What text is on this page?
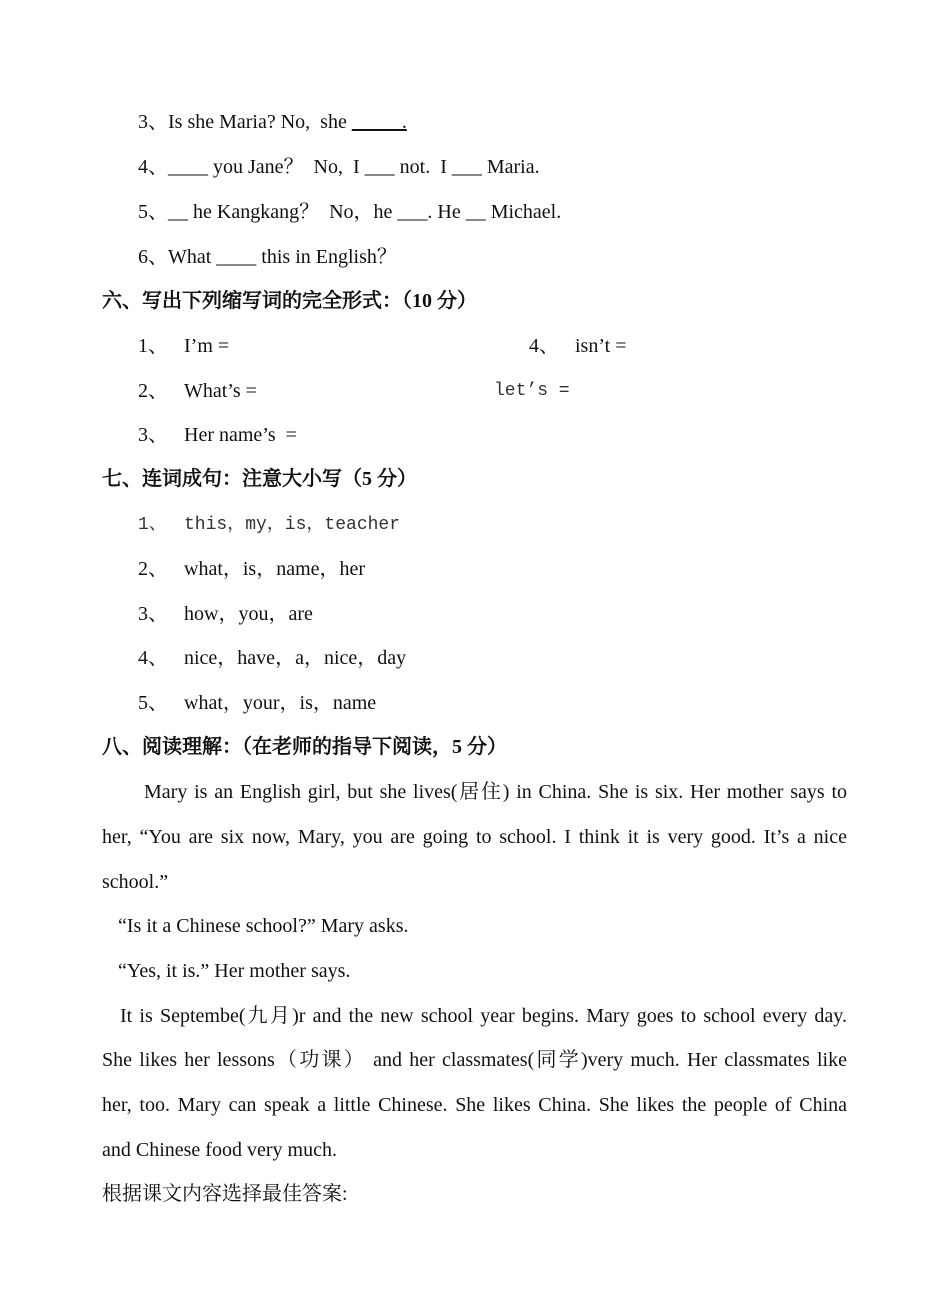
3、Is she Maria? No,  she _____.
4、____ you Jane？  No,  I ___ not.  I ___ Maria.
5、__ he Kangkang？  No，he ___. He __ Michael.
6、What ____ this in English？
六、写出下列缩写词的完全形式：（10 分）
1、 I’m =	4、 isn’t =
2、 What’s =	let’s =
3、 Her name’s  =
七、连词成句：注意大小写（5 分）
1、 this，my，is，teacher
2、 what，is，name，her
3、 how，you，are
4、 nice，have，a，nice，day
5、 what，your，is，name
八、阅读理解：（在老师的指导下阅读，5 分）
Mary is an English girl, but she lives(居住) in China. She is six. Her mother says to
her, “You are six now, Mary, you are going to school. I think it is very good. It’s a nice
school.”
“Is it a Chinese school?” Mary asks.
“Yes, it is.” Her mother says.
It is Septembe(九月)r and the new school year begins. Mary goes to school every day.
She likes her lessons（功课） and her classmates(同学)very much. Her classmates like
her, too. Mary can speak a little Chinese. She likes China. She likes the people of China
and Chinese food very much.
根据课文内容选择最佳答案:
